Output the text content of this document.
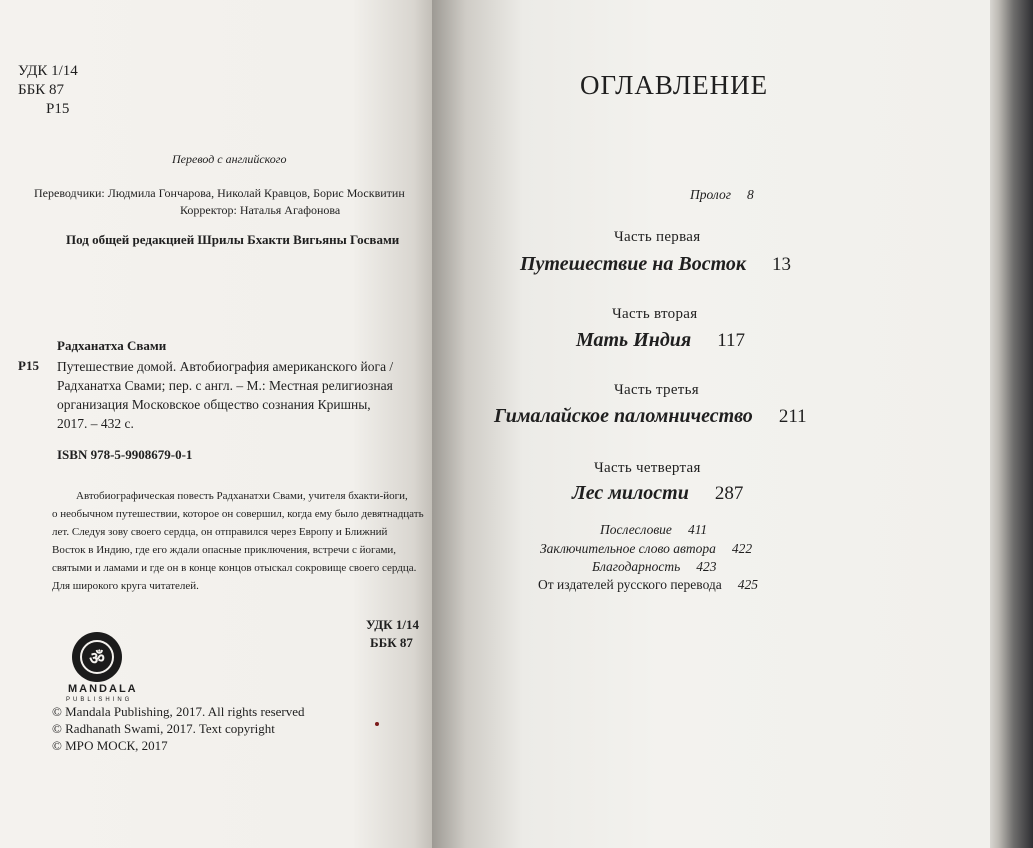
УДК 1/14
ББК 87
Р15
Перевод с английского
Переводчики: Людмила Гончарова, Николай Кравцов, Борис Москвитин
Корректор: Наталья Агафонова
Под общей редакцией Шрилы Бхакти Вигьяны Госвами
Радханатха Свами
Р15 Путешествие домой. Автобиография американского йога /
Радханатха Свами; пер. с англ. – М.: Местная религиозная
организация Московское общество сознания Кришны,
2017. – 432 с.
ISBN 978-5-9908679-0-1
Автобиографическая повесть Радханатхи Свами, учителя бхакти-йоги,
о необычном путешествии, которое он совершил, когда ему было девятнадцать
лет. Следуя зову своего сердца, он отправился через Европу и Ближний
Восток в Индию, где его ждали опасные приключения, встречи с йогами,
святыми и ламами и где он в конце концов отыскал сокровище своего сердца.
Для широкого круга читателей.
УДК 1/14
ББК 87
ॐ
MANDALA
PUBLISHING
© Mandala Publishing, 2017. All rights reserved
© Radhanath Swami, 2017. Text copyright
© МРО МОСК, 2017
ОГЛАВЛЕНИЕ
Пролог 8
Часть первая
Путешествие на Восток 13
Часть вторая
Мать Индия 117
Часть третья
Гималайское паломничество 211
Часть четвертая
Лес милости 287
Послесловие 411
Заключительное слово автора 422
Благодарность 423
От издателей русского перевода 425
